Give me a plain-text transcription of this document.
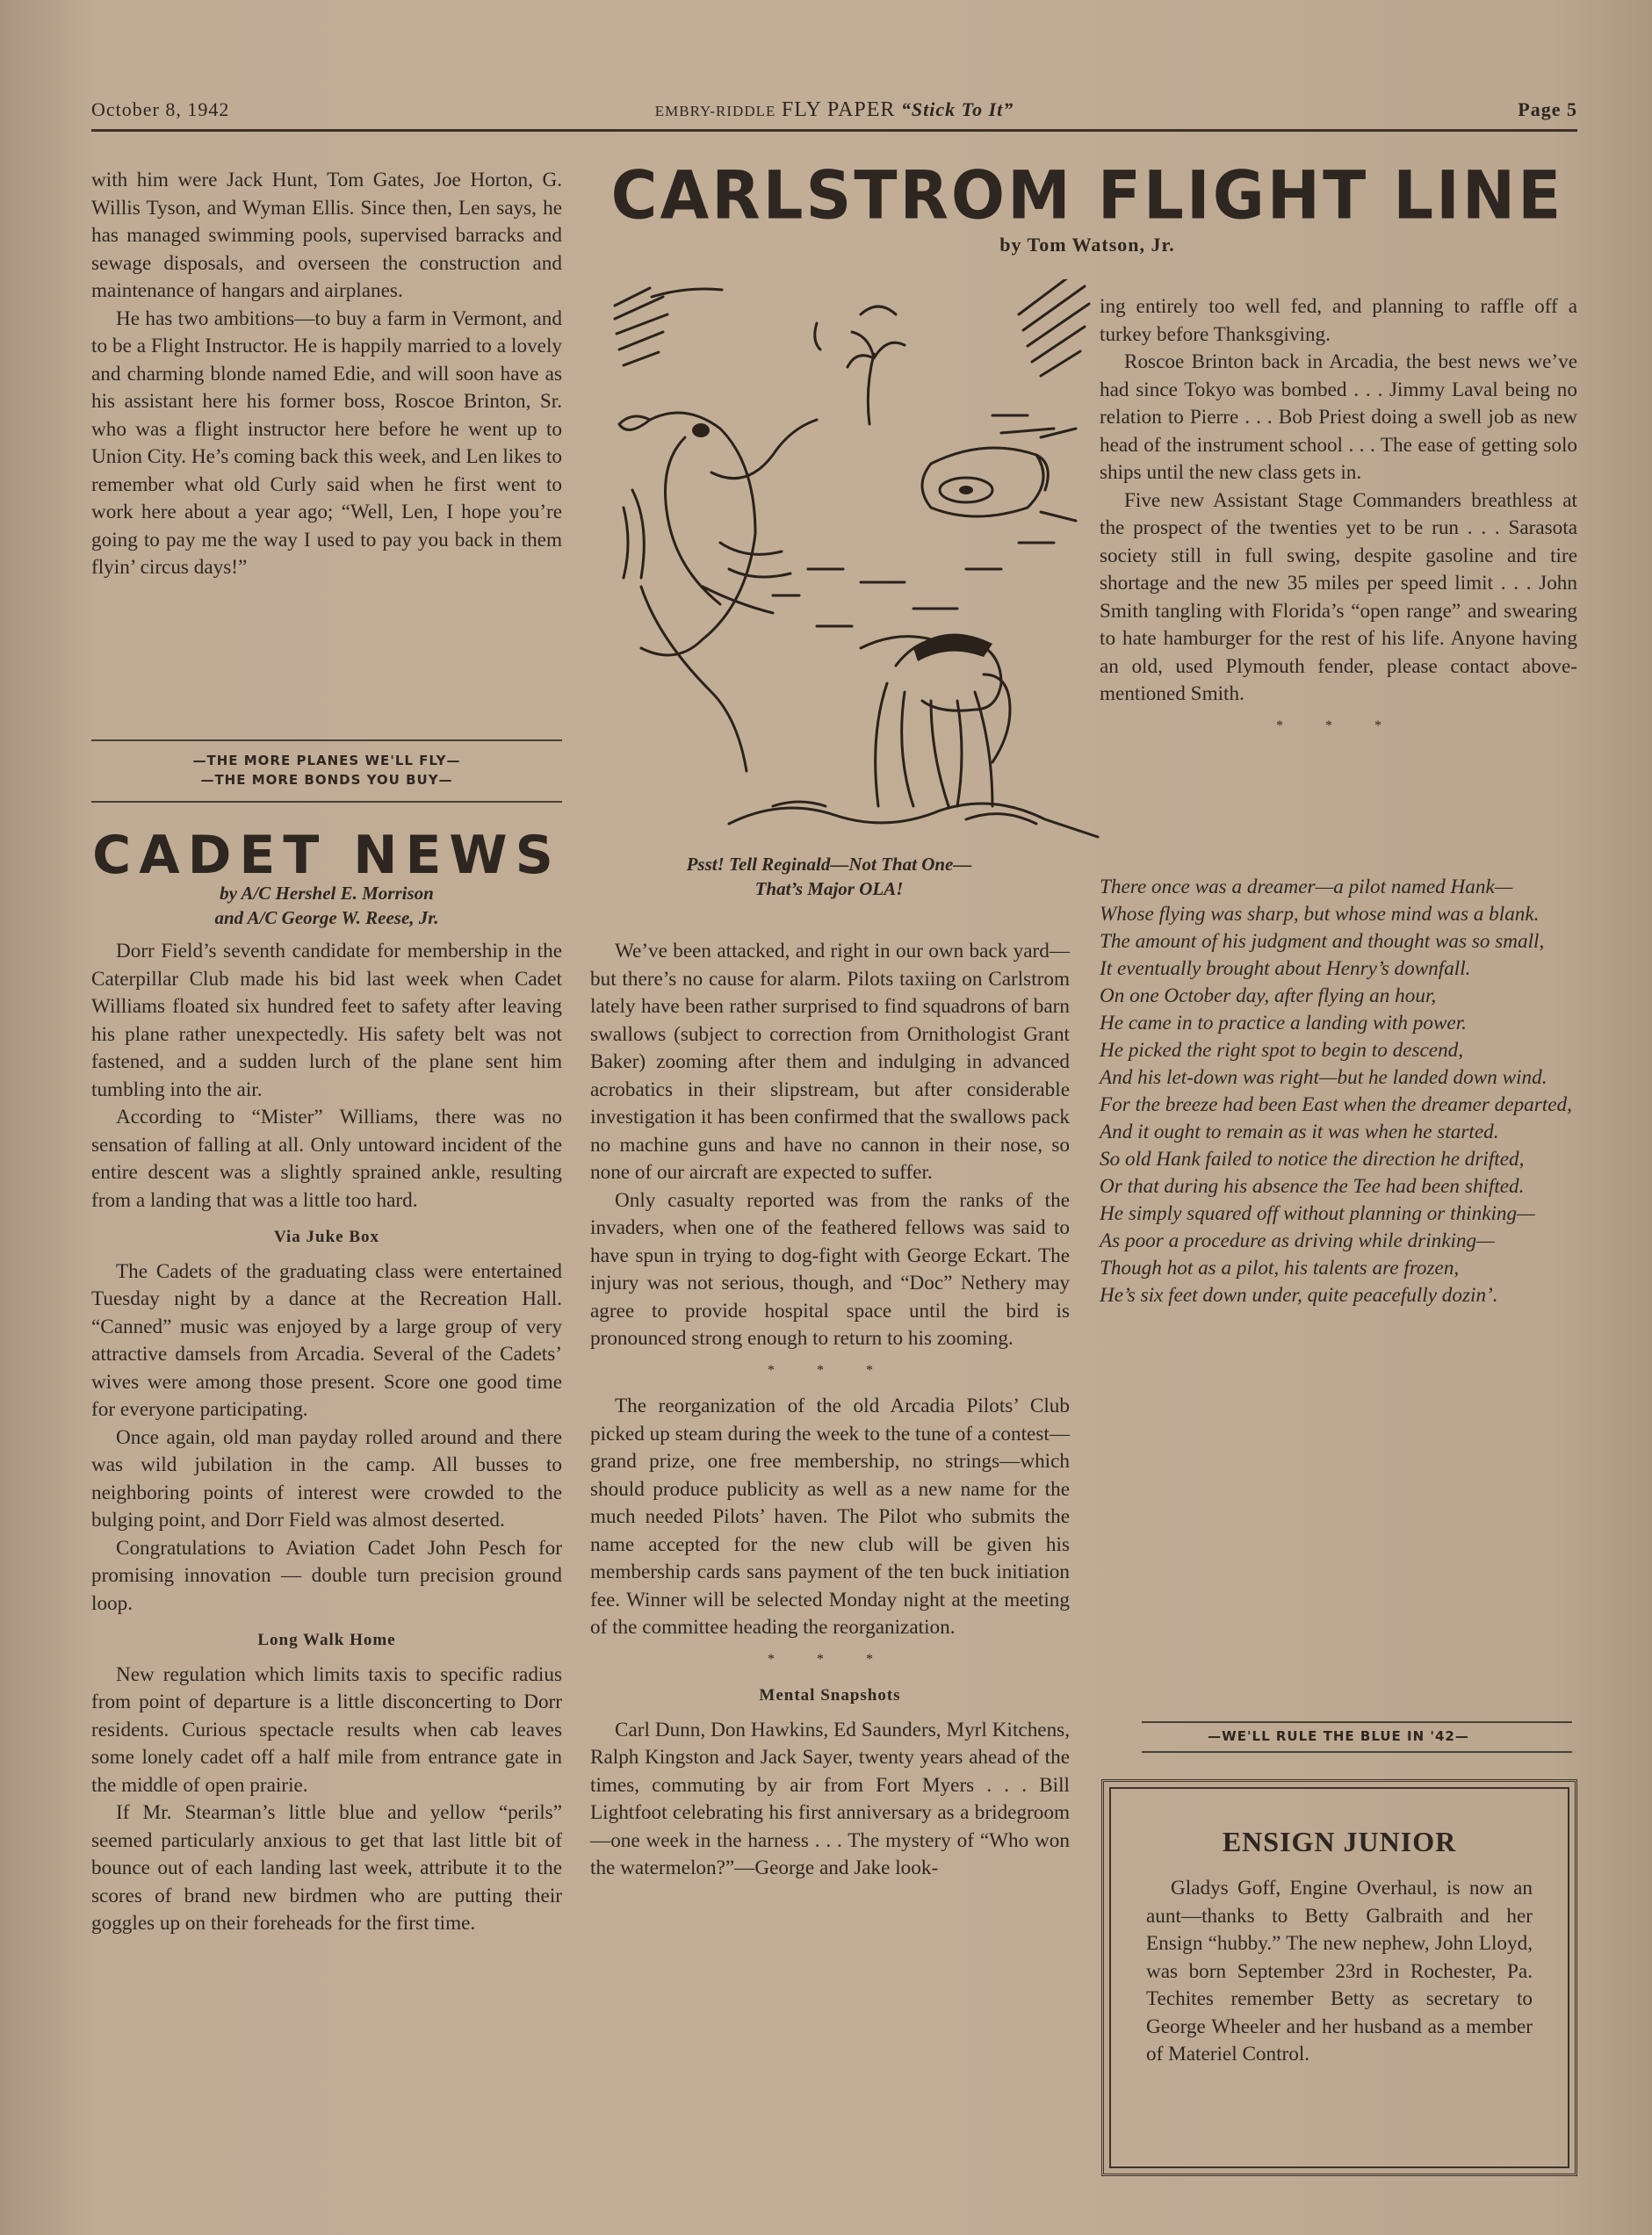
October 8, 1942	EMBRY-RIDDLE FLY PAPER “Stick To It”	Page 5

with him were Jack Hunt, Tom Gates, Joe Horton, G. Willis Tyson, and Wyman Ellis. Since then, Len says, he has managed swimming pools, supervised barracks and sewage disposals, and overseen the construction and maintenance of hangars and airplanes.

He has two ambitions—to buy a farm in Vermont, and to be a Flight Instructor. He is happily married to a lovely and charming blonde named Edie, and will soon have as his assistant here his former boss, Roscoe Brinton, Sr. who was a flight instructor here before he went up to Union City. He’s coming back this week, and Len likes to remember what old Curly said when he first went to work here about a year ago; “Well, Len, I hope you’re going to pay me the way I used to pay you back in them flyin’ circus days!”

—THE MORE PLANES WE'LL FLY—
—THE MORE BONDS YOU BUY—
CADET NEWS
by A/C Hershel E. Morrison
and A/C George W. Reese, Jr.

Dorr Field’s seventh candidate for membership in the Caterpillar Club made his bid last week when Cadet Williams floated six hundred feet to safety after leaving his plane rather unexpectedly. His safety belt was not fastened, and a sudden lurch of the plane sent him tumbling into the air.

According to “Mister” Williams, there was no sensation of falling at all. Only untoward incident of the entire descent was a slightly sprained ankle, resulting from a landing that was a little too hard.

Via Juke Box

The Cadets of the graduating class were entertained Tuesday night by a dance at the Recreation Hall. “Canned” music was enjoyed by a large group of very attractive damsels from Arcadia. Several of the Cadets’ wives were among those present. Score one good time for everyone participating.

Once again, old man payday rolled around and there was wild jubilation in the camp. All busses to neighboring points of interest were crowded to the bulging point, and Dorr Field was almost deserted.

Congratulations to Aviation Cadet John Pesch for promising innovation — double turn precision ground loop.

Long Walk Home

New regulation which limits taxis to specific radius from point of departure is a little disconcerting to Dorr residents. Curious spectacle results when cab leaves some lonely cadet off a half mile from entrance gate in the middle of open prairie.

If Mr. Stearman’s little blue and yellow “perils” seemed particularly anxious to get that last little bit of bounce out of each landing last week, attribute it to the scores of brand new birdmen who are putting their goggles up on their foreheads for the first time.

CARLSTROM FLIGHT LINE
by Tom Watson, Jr.
Psst! Tell Reginald—Not That One—
That’s Major OLA!

We’ve been attacked, and right in our own back yard—but there’s no cause for alarm. Pilots taxiing on Carlstrom lately have been rather surprised to find squadrons of barn swallows (subject to correction from Ornithologist Grant Baker) zooming after them and indulging in advanced acrobatics in their slipstream, but after considerable investigation it has been confirmed that the swallows pack no machine guns and have no cannon in their nose, so none of our aircraft are expected to suffer.

Only casualty reported was from the ranks of the invaders, when one of the feathered fellows was said to have spun in trying to dog-fight with George Eckart. The injury was not serious, though, and “Doc” Nethery may agree to provide hospital space until the bird is pronounced strong enough to return to his zooming.

* * *

The reorganization of the old Arcadia Pilots’ Club picked up steam during the week to the tune of a contest—grand prize, one free membership, no strings—which should produce publicity as well as a new name for the much needed Pilots’ haven. The Pilot who submits the name accepted for the new club will be given his membership cards sans payment of the ten buck initiation fee. Winner will be selected Monday night at the meeting of the committee heading the reorganization.

* * *
Mental Snapshots

Carl Dunn, Don Hawkins, Ed Saunders, Myrl Kitchens, Ralph Kingston and Jack Sayer, twenty years ahead of the times, commuting by air from Fort Myers . . . Bill Lightfoot celebrating his first anniversary as a bridegroom—one week in the harness . . . The mystery of “Who won the watermelon?”—George and Jake look-

ing entirely too well fed, and planning to raffle off a turkey before Thanksgiving.

Roscoe Brinton back in Arcadia, the best news we’ve had since Tokyo was bombed . . . Jimmy Laval being no relation to Pierre . . . Bob Priest doing a swell job as new head of the instrument school . . . The ease of getting solo ships until the new class gets in.

Five new Assistant Stage Commanders breathless at the prospect of the twenties yet to be run . . . Sarasota society still in full swing, despite gasoline and tire shortage and the new 35 miles per speed limit . . . John Smith tangling with Florida’s “open range” and swearing to hate hamburger for the rest of his life. Anyone having an old, used Plymouth fender, please contact above-mentioned Smith.

* * *
There once was a dreamer—a pilot named Hank—
Whose flying was sharp, but whose mind was a blank.
The amount of his judgment and thought was so small,
It eventually brought about Henry’s downfall.
On one October day, after flying an hour,
He came in to practice a landing with power.
He picked the right spot to begin to descend,
And his let-down was right—but he landed down wind.
For the breeze had been East when the dreamer departed,
And it ought to remain as it was when he started.
So old Hank failed to notice the direction he drifted,
Or that during his absence the Tee had been shifted.
He simply squared off without planning or thinking—
As poor a procedure as driving while drinking—
Though hot as a pilot, his talents are frozen,
He’s six feet down under, quite peacefully dozin’.
—WE'LL RULE THE BLUE IN '42—
ENSIGN JUNIOR

Gladys Goff, Engine Overhaul, is now an aunt—thanks to Betty Galbraith and her Ensign “hubby.” The new nephew, John Lloyd, was born September 23rd in Rochester, Pa. Techites remember Betty as secretary to George Wheeler and her husband as a member of Materiel Control.
